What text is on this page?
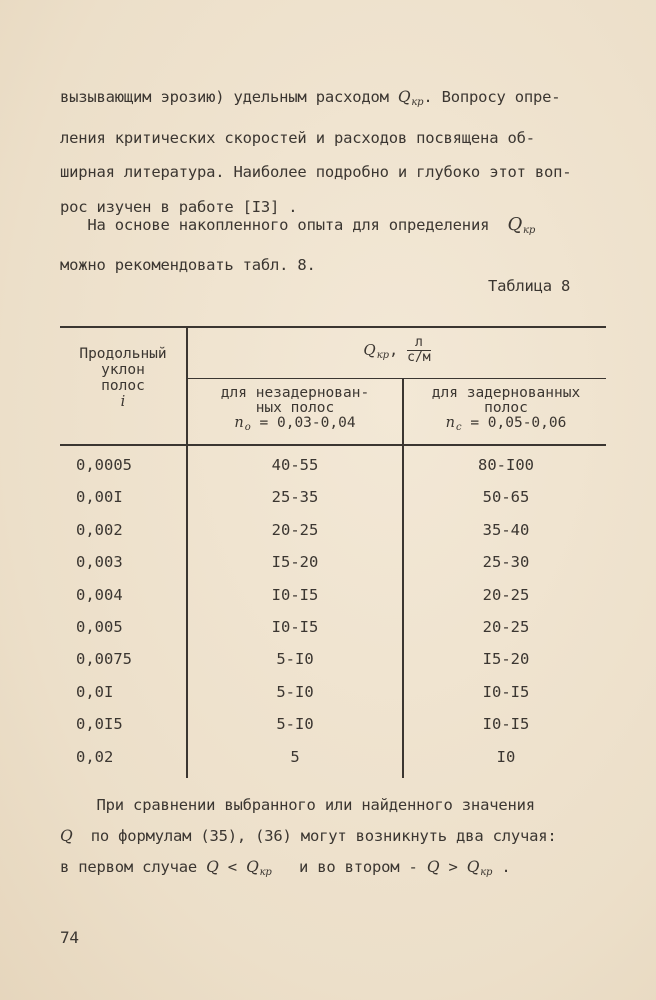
вызывающим эрозию) удельным расходом $Q_{кр}$. Вопросу опре-
ления критических скоростей и расходов посвящена об-
ширная литература. Наиболее подробно и глубоко этот воп-
рос изучен в работе [I3] .
На основе накопленного опыта для определения $Q_{кр}$
можно рекомендовать табл. 8.
Таблица 8
Продольный
уклон
полос
i
$Q_{кр}$, $\frac{л}{с/м}$
для незадернован-
ных полос
$n_o = 0,03-0,04$
для задернованных
полос
$n_c = 0,05-0,06$
0,0005	40-55	80-I00
0,00I	25-35	50-65
0,002	20-25	35-40
0,003	I5-20	25-30
0,004	I0-I5	20-25
0,005	I0-I5	20-25
0,0075	5-I0	I5-20
0,0I	5-I0	I0-I5
0,0I5	5-I0	I0-I5
0,02	5	I0
При сравнении выбранного или найденного значения
Q по формулам (35), (36) могут возникнуть два случая:
в первом случае $Q < Q_{кр}$ и во втором - $Q > Q_{кр}$ .
74
